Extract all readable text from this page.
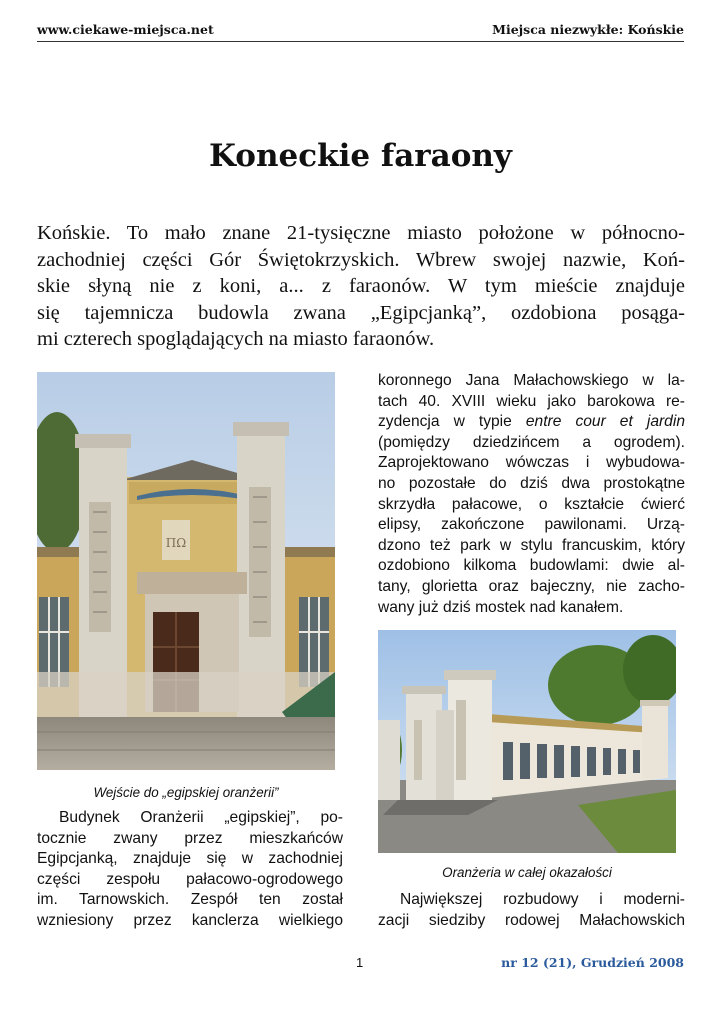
www.ciekawe-miejsca.net	Miejsca niezwykłe: Końskie
Koneckie faraony
Końskie. To mało znane 21-tysięczne miasto położone w północno-
zachodniej części Gór Świętokrzyskich. Wbrew swojej nazwie, Koń-
skie słyną nie z koni, a... z faraonów. W tym mieście znajduje
się tajemnicza budowla zwana „Egipcjanką”, ozdobiona posąga-
mi czterech spoglądających na miasto faraonów.
ΠΩ
Wejście do „egipskiej oranżerii”
Budynek Oranżerii „egipskiej”, po-
tocznie zwany przez mieszkańców
Egipcjanką, znajduje się w zachodniej
części zespołu pałacowo-ogrodowego
im. Tarnowskich. Zespół ten został
wzniesiony przez kanclerza wielkiego
koronnego Jana Małachowskiego w la-
tach 40. XVIII wieku jako barokowa re-
zydencja w typie entre cour et jardin
(pomiędzy dziedzińcem a ogrodem).
Zaprojektowano wówczas i wybudowa-
no pozostałe do dziś dwa prostokątne
skrzydła pałacowe, o kształcie ćwierć
elipsy, zakończone pawilonami. Urzą-
dzono też park w stylu francuskim, który
ozdobiono kilkoma budowlami: dwie al-
tany, glorietta oraz bajeczny, nie zacho-
wany już dziś mostek nad kanałem.
Oranżeria w całej okazałości
Największej rozbudowy i moderni-
zacji siedziby rodowej Małachowskich
1	nr 12 (21), Grudzień 2008
